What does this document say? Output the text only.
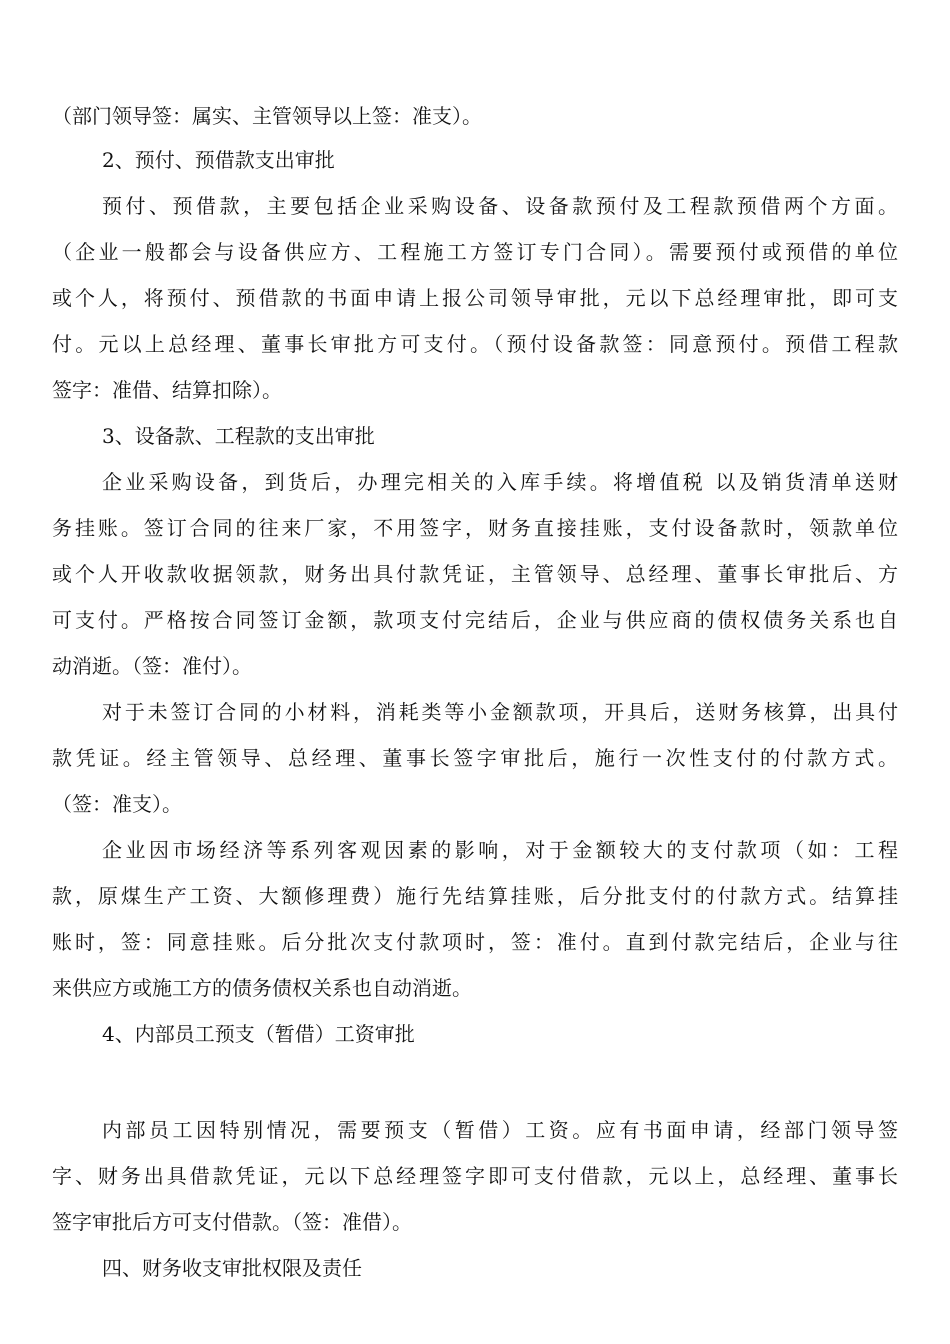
（部门领导签：属实、主管领导以上签：准支）。

2、预付、预借款支出审批

预付、预借款，主要包括企业采购设备、设备款预付及工程款预借两个方面。

（企业一般都会与设备供应方、工程施工方签订专门合同）。需要预付或预借的单位

或个人，将预付、预借款的书面申请上报公司领导审批，元以下总经理审批，即可支

付。元以上总经理、董事长审批方可支付。（预付设备款签：同意预付。预借工程款

签字：准借、结算扣除）。

3、设备款、工程款的支出审批

企业采购设备，到货后，办理完相关的入库手续。将增值税 以及销货清单送财

务挂账。签订合同的往来厂家，不用签字，财务直接挂账，支付设备款时，领款单位

或个人开收款收据领款，财务出具付款凭证，主管领导、总经理、董事长审批后、方

可支付。严格按合同签订金额，款项支付完结后，企业与供应商的债权债务关系也自

动消逝。（签：准付）。

对于未签订合同的小材料，消耗类等小金额款项，开具后，送财务核算，出具付

款凭证。经主管领导、总经理、董事长签字审批后，施行一次性支付的付款方式。

（签：准支）。

企业因市场经济等系列客观因素的影响，对于金额较大的支付款项（如：工程

款，原煤生产工资、大额修理费）施行先结算挂账，后分批支付的付款方式。结算挂

账时，签：同意挂账。后分批次支付款项时，签：准付。直到付款完结后，企业与往

来供应方或施工方的债务债权关系也自动消逝。

4、内部员工预支（暂借）工资审批

内部员工因特别情况，需要预支（暂借）工资。应有书面申请，经部门领导签

字、财务出具借款凭证，元以下总经理签字即可支付借款，元以上，总经理、董事长

签字审批后方可支付借款。（签：准借）。

四、财务收支审批权限及责任
